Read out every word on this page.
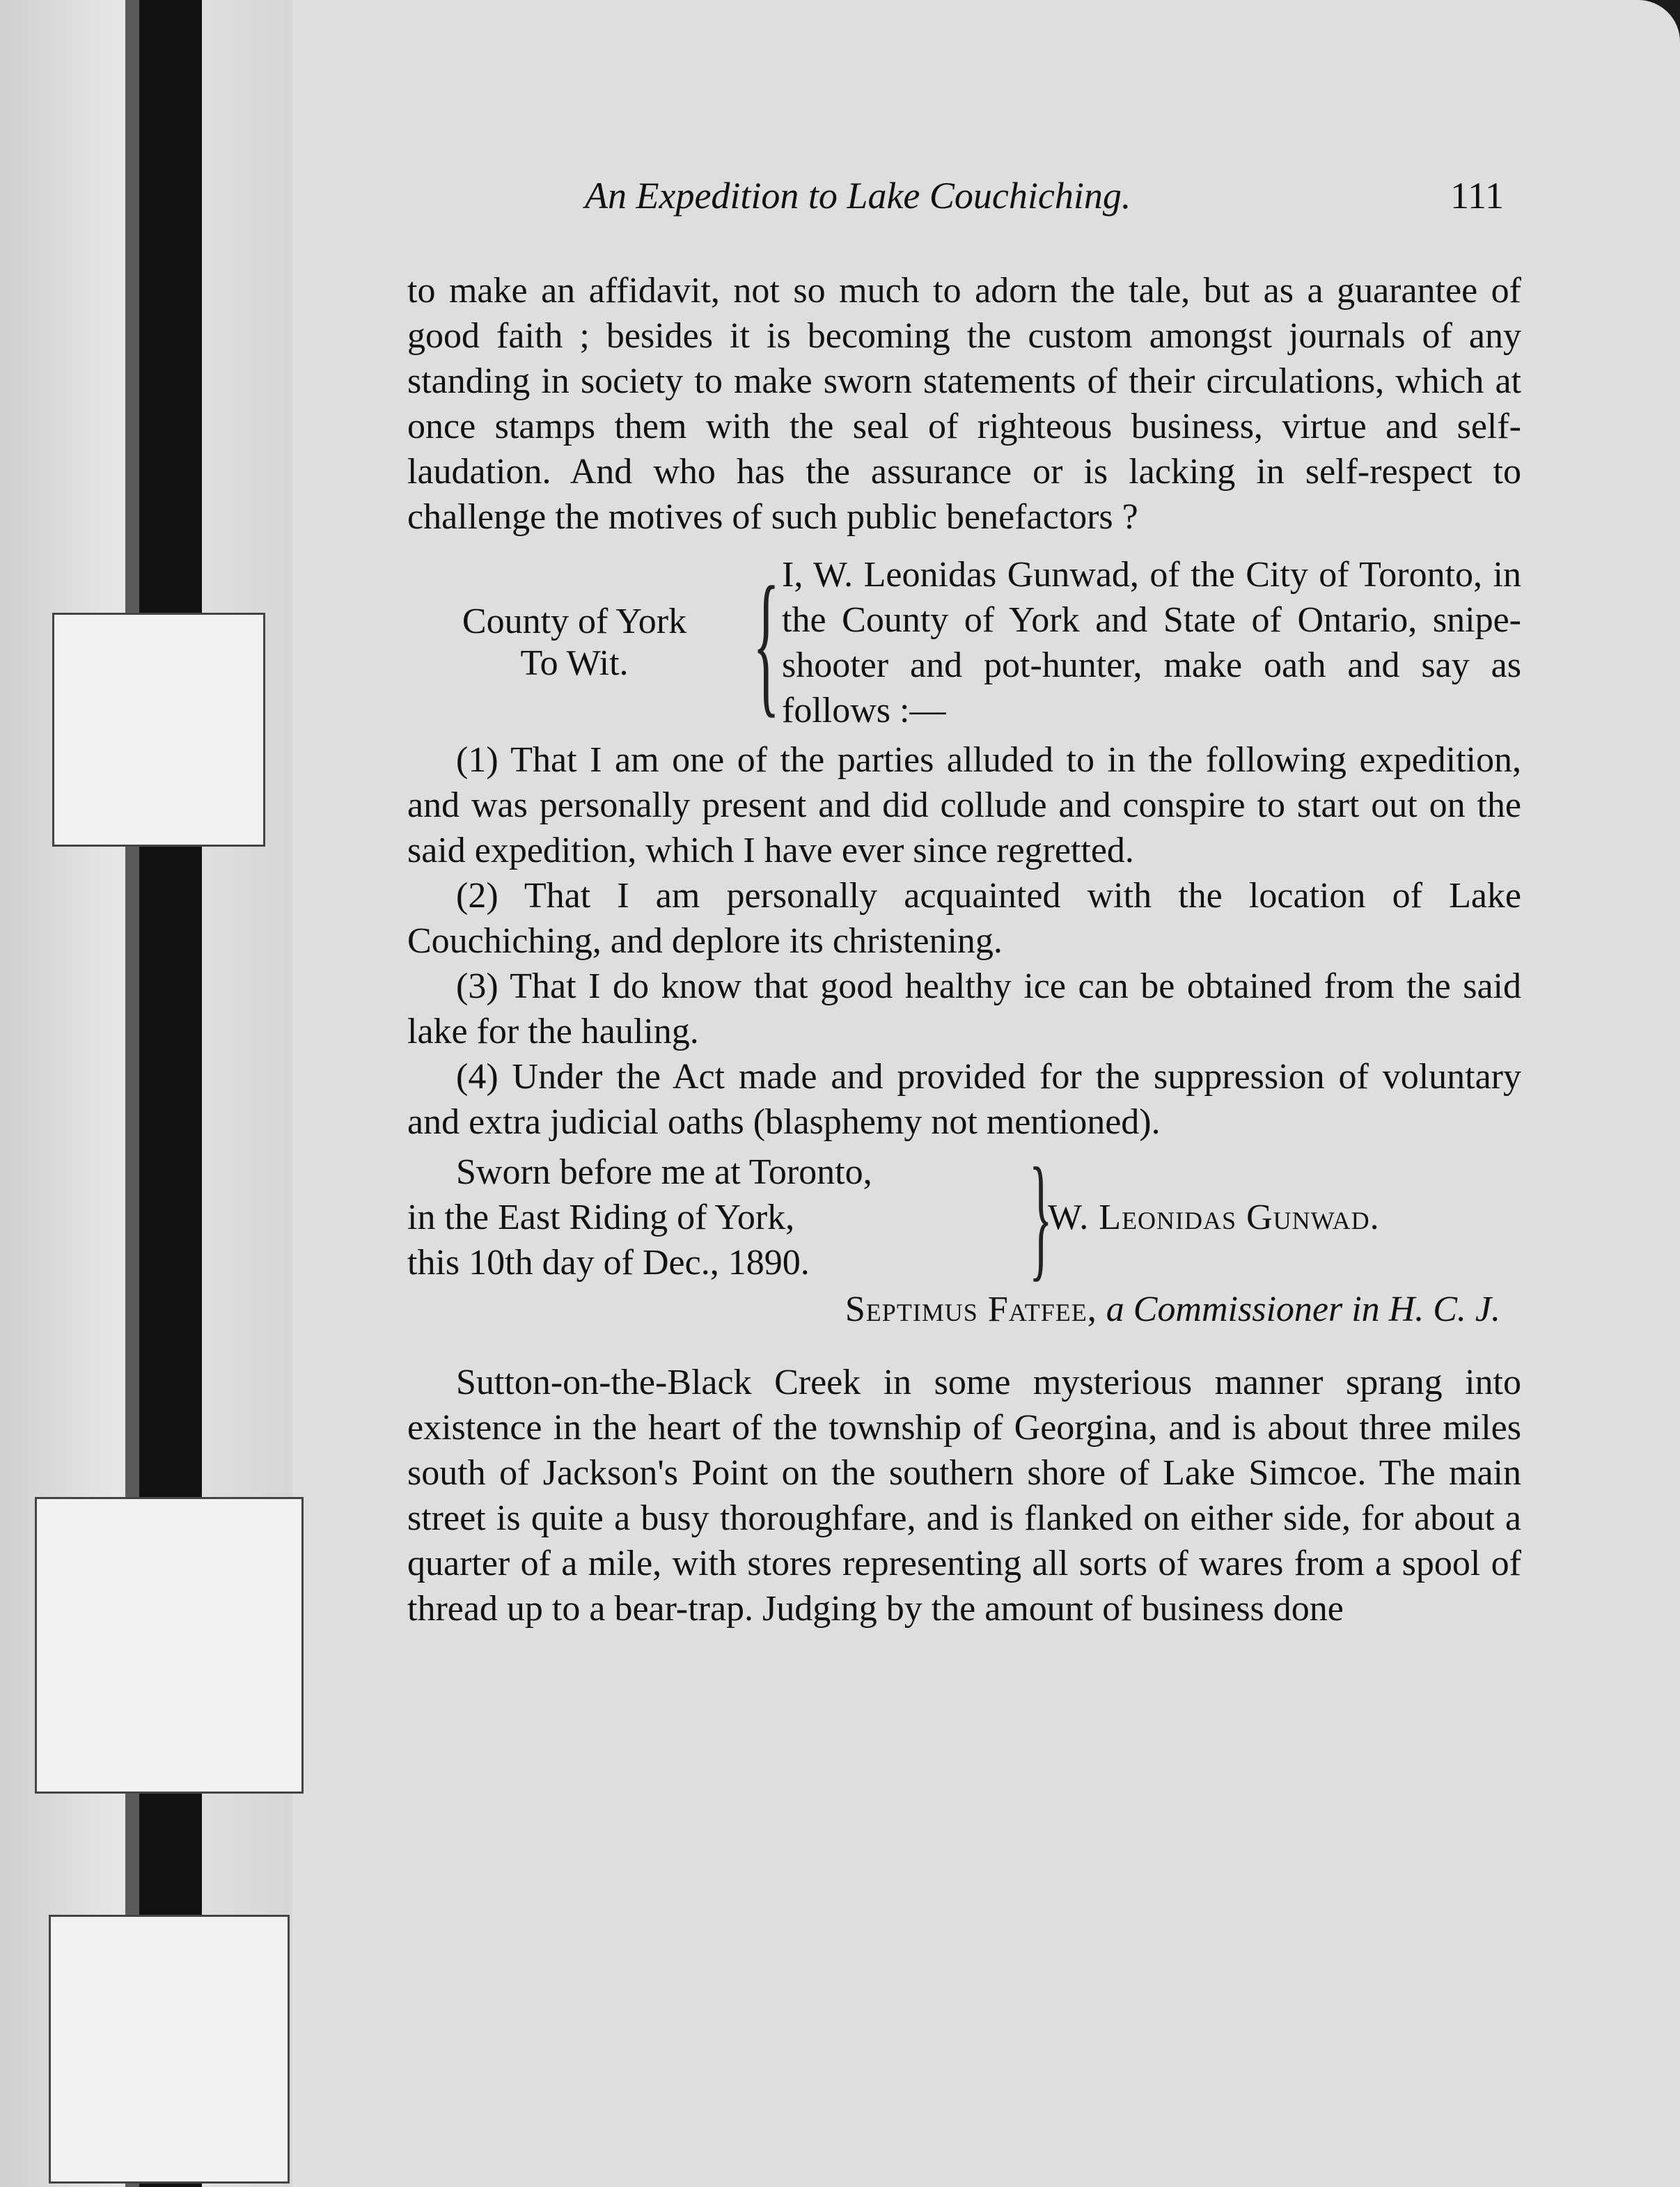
An Expedition to Lake Couchiching.	111

to make an affidavit, not so much to adorn the tale, but as a guarantee of good faith ; besides it is becoming the custom amongst journals of any standing in society to make sworn statements of their circulations, which at once stamps them with the seal of righteous business, virtue and self-laudation. And who has the assurance or is lacking in self-respect to challenge the motives of such public benefactors ?

County of York
To Wit. { I, W. Leonidas Gunwad, of the City of Toronto, in the County of York and State of Ontario, snipe-shooter and pot-hunter, make oath and say as follows :—

(1) That I am one of the parties alluded to in the following expedition, and was personally present and did collude and conspire to start out on the said expedition, which I have ever since regretted.

(2) That I am personally acquainted with the location of Lake Couchiching, and deplore its christening.

(3) That I do know that good healthy ice can be obtained from the said lake for the hauling.

(4) Under the Act made and provided for the suppression of voluntary and extra judicial oaths (blasphemy not mentioned).

Sworn before me at Toronto,
in the East Riding of York,
this 10th day of Dec., 1890.	}
W. Leonidas Gunwad.
Septimus Fatfee, a Commissioner in H. C. J.

Sutton-on-the-Black Creek in some mysterious manner sprang into existence in the heart of the township of Georgina, and is about three miles south of Jackson's Point on the southern shore of Lake Simcoe. The main street is quite a busy thoroughfare, and is flanked on either side, for about a quarter of a mile, with stores representing all sorts of wares from a spool of thread up to a bear-trap. Judging by the amount of business done
